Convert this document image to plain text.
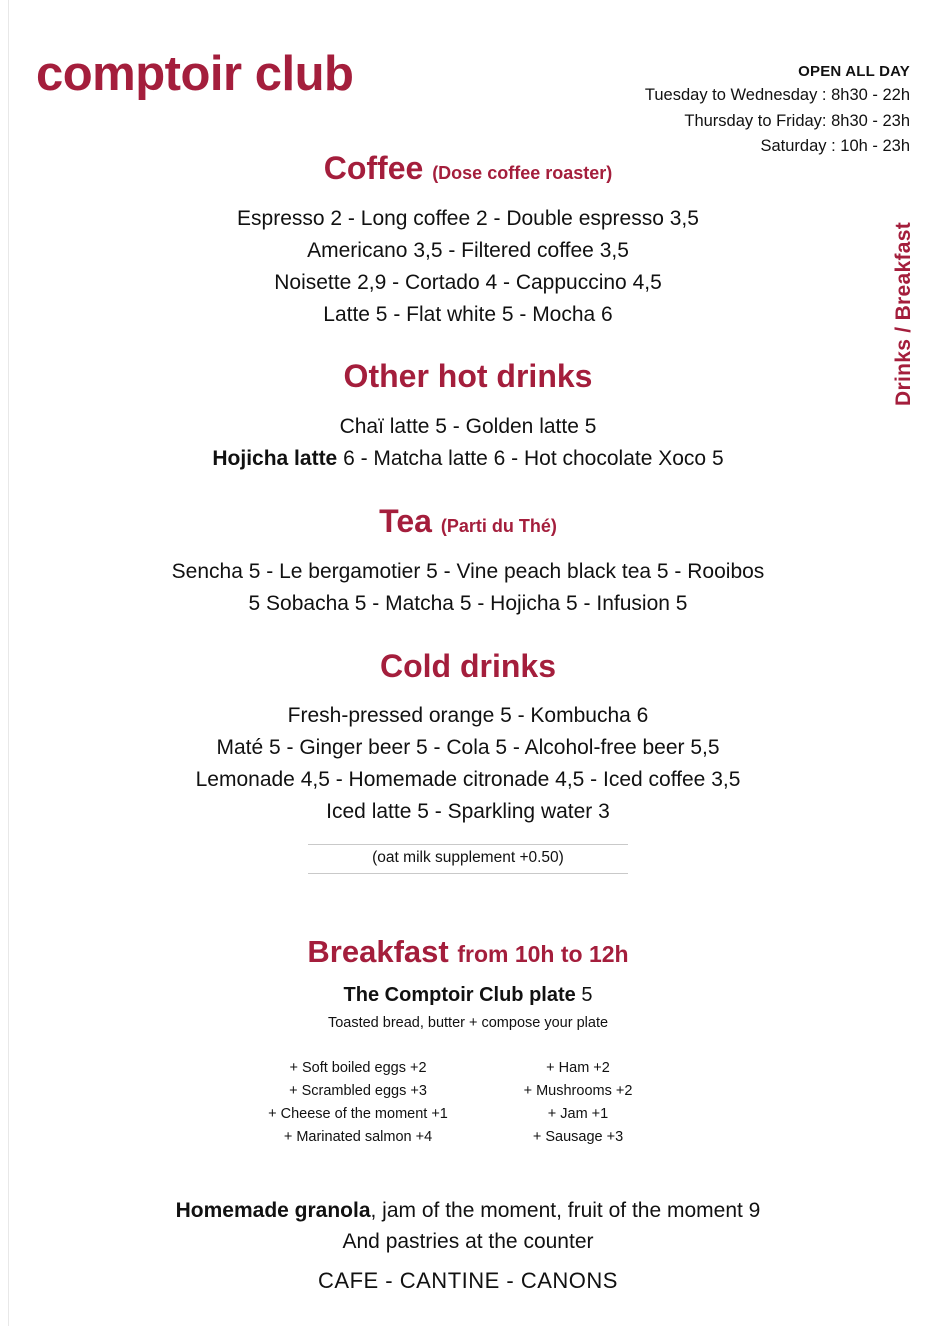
comptoir club	OPEN ALL DAY
Tuesday to Wednesday : 8h30 - 22h
Thursday to Friday: 8h30 - 23h
Saturday : 10h - 23h
Drinks / Breakfast
Coffee (Dose coffee roaster)
Espresso 2 - Long coffee 2 - Double espresso 3,5
Americano 3,5 - Filtered coffee 3,5
Noisette 2,9 - Cortado 4 - Cappuccino 4,5
Latte 5 - Flat white 5 - Mocha 6
Other hot drinks
Chaï latte 5 - Golden latte 5
Hojicha latte 6 - Matcha latte 6 - Hot chocolate Xoco 5
Tea (Parti du Thé)
Sencha 5 - Le bergamotier 5 - Vine peach black tea 5 - Rooibos
5 Sobacha 5 - Matcha 5 - Hojicha 5 - Infusion 5
Cold drinks
Fresh-pressed orange 5 - Kombucha 6
Maté 5 - Ginger beer 5 - Cola 5 - Alcohol-free beer 5,5
Lemonade 4,5 - Homemade citronade 4,5 - Iced coffee 3,5
Iced latte 5 - Sparkling water 3
(oat milk supplement +0.50)
Breakfast from 10h to 12h
The Comptoir Club plate 5
Toasted bread, butter + compose your plate
+ Soft boiled eggs +2
+ Scrambled eggs +3
+ Cheese of the moment +1
+ Marinated salmon +4
+ Ham +2
+ Mushrooms +2
+ Jam +1
+ Sausage +3
Homemade granola, jam of the moment, fruit of the moment 9
And pastries at the counter
CAFE - CANTINE - CANONS
